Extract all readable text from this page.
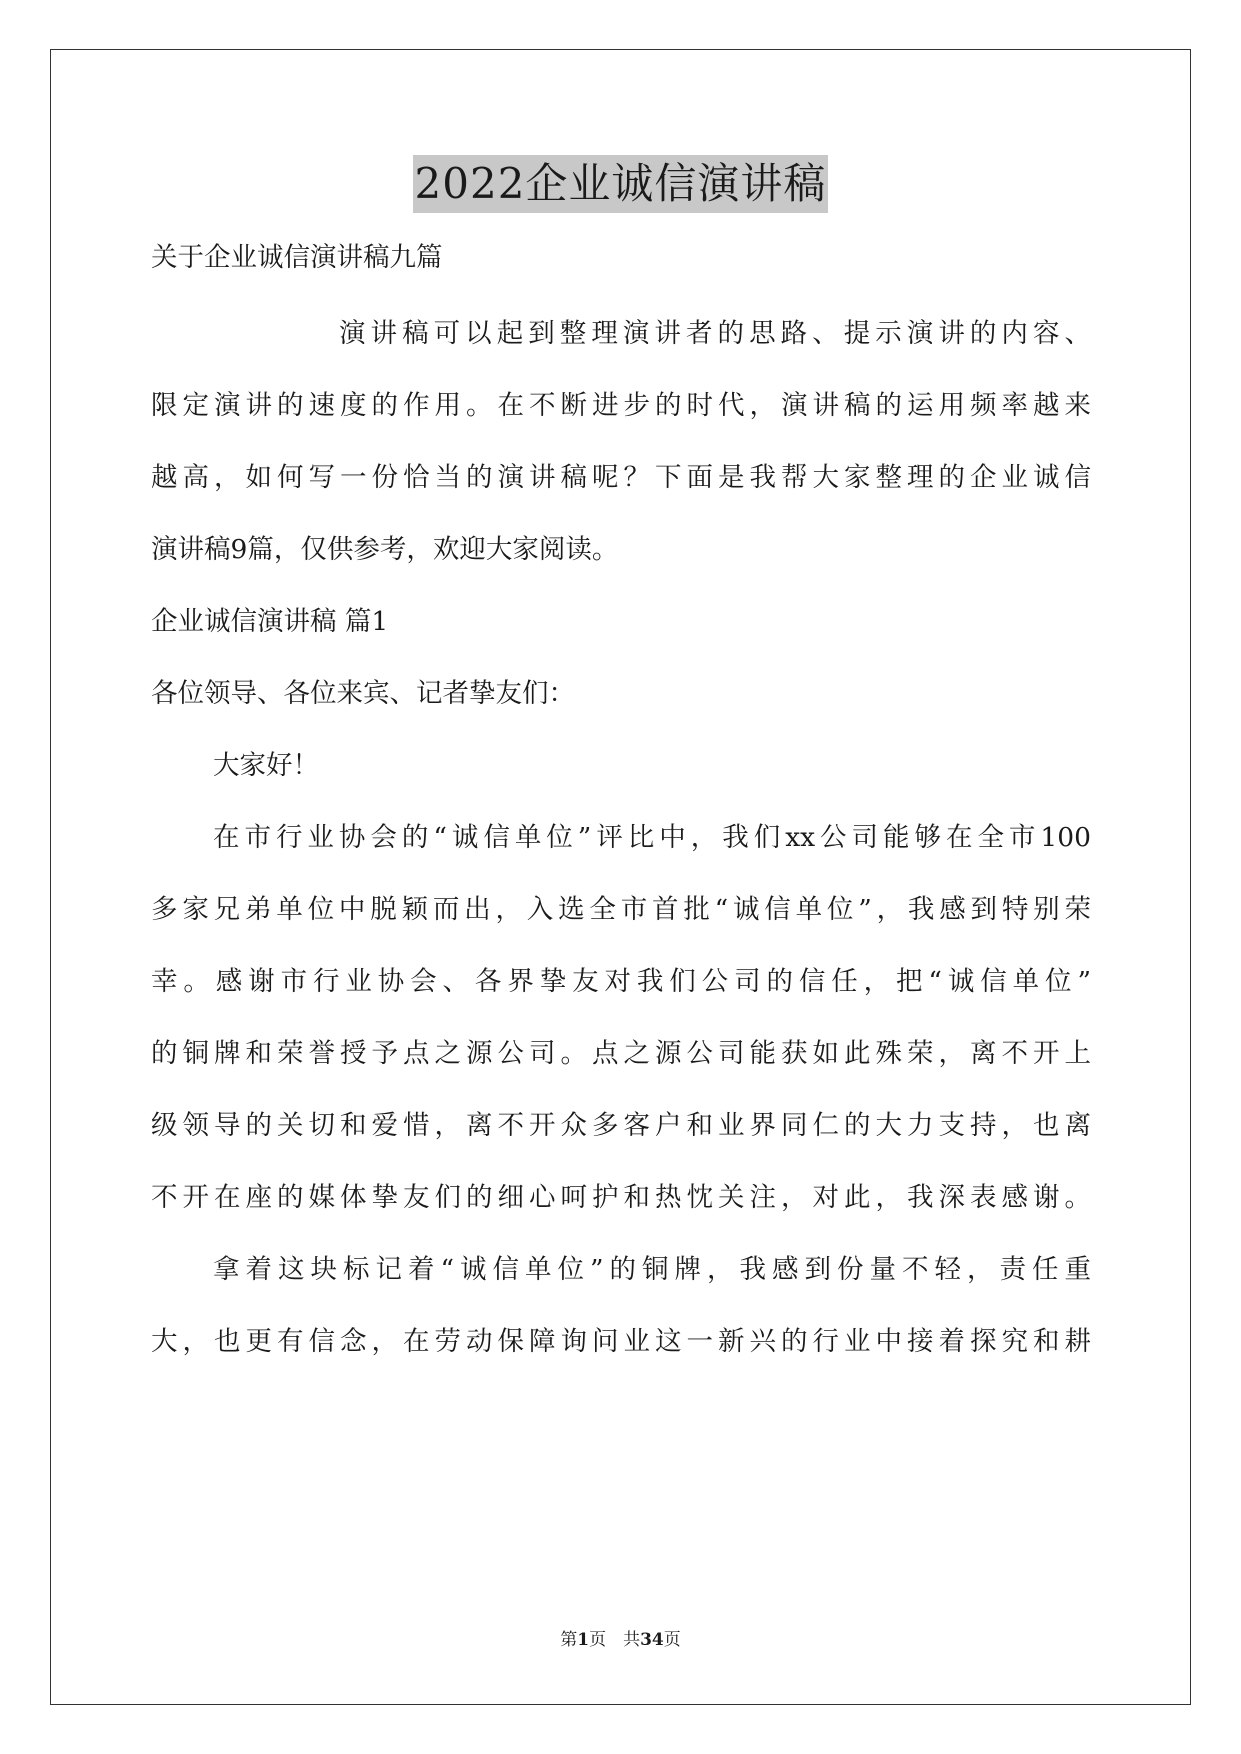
2022企业诚信演讲稿
关于企业诚信演讲稿九篇
演讲稿可以起到整理演讲者的思路、提示演讲的内容、
限定演讲的速度的作用。在不断进步的时代，演讲稿的运用频率越来
越高，如何写一份恰当的演讲稿呢？下面是我帮大家整理的企业诚信
演讲稿9篇，仅供参考，欢迎大家阅读。
企业诚信演讲稿 篇1
各位领导、各位来宾、记者挚友们：
大家好！
在市行业协会的“诚信单位”评比中，我们xx公司能够在全市100
多家兄弟单位中脱颖而出，入选全市首批“诚信单位”，我感到特别荣
幸。感谢市行业协会、各界挚友对我们公司的信任，把“诚信单位”
的铜牌和荣誉授予点之源公司。点之源公司能获如此殊荣，离不开上
级领导的关切和爱惜，离不开众多客户和业界同仁的大力支持，也离
不开在座的媒体挚友们的细心呵护和热忱关注，对此，我深表感谢。
拿着这块标记着“诚信单位”的铜牌，我感到份量不轻，责任重
大，也更有信念，在劳动保障询问业这一新兴的行业中接着探究和耕
第1页　共34页
